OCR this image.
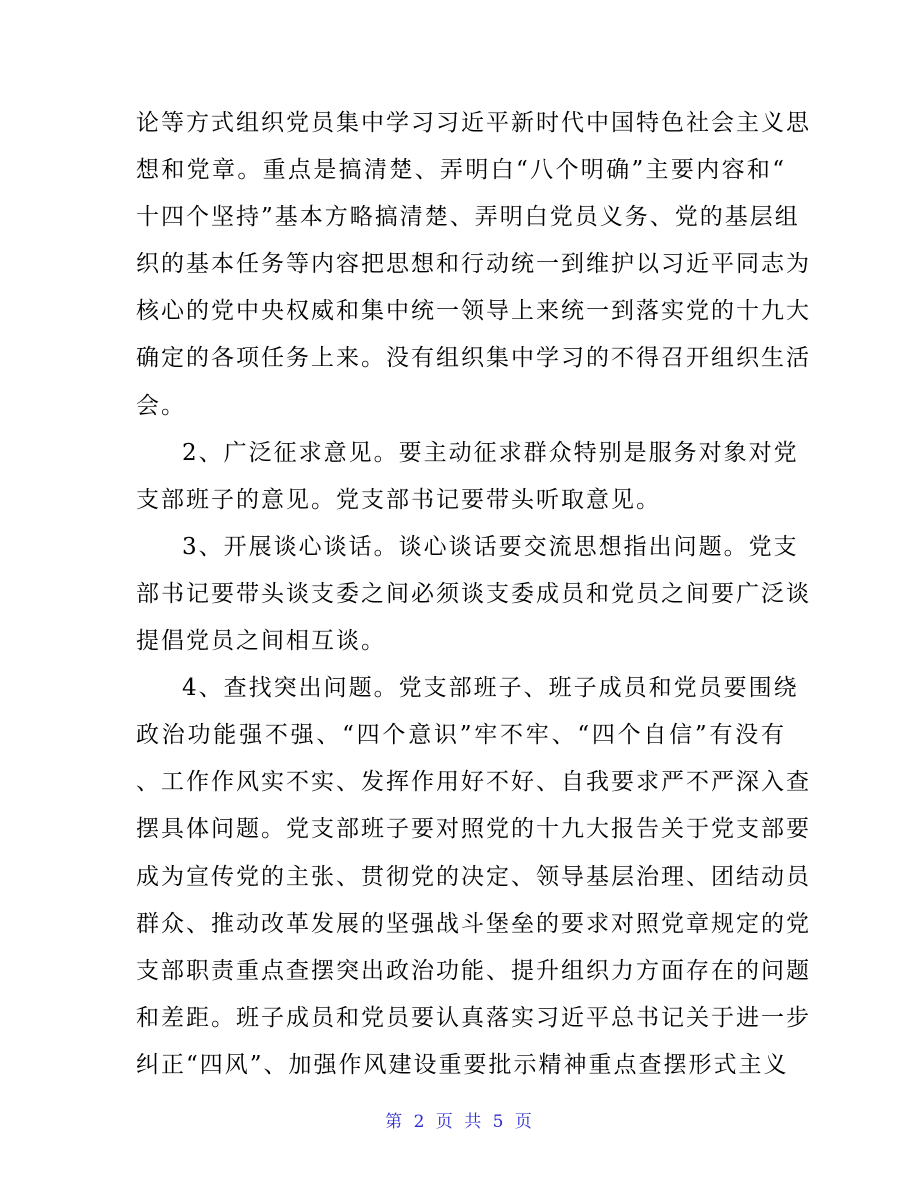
论等方式组织党员集中学习习近平新时代中国特色社会主义思
想和党章。重点是搞清楚、弄明白“八个明确”主要内容和“
十四个坚持”基本方略搞清楚、弄明白党员义务、党的基层组
织的基本任务等内容把思想和行动统一到维护以习近平同志为
核心的党中央权威和集中统一领导上来统一到落实党的十九大
确定的各项任务上来。没有组织集中学习的不得召开组织生活
会。
2、广泛征求意见。要主动征求群众特别是服务对象对党
支部班子的意见。党支部书记要带头听取意见。
3、开展谈心谈话。谈心谈话要交流思想指出问题。党支
部书记要带头谈支委之间必须谈支委成员和党员之间要广泛谈
提倡党员之间相互谈。
4、查找突出问题。党支部班子、班子成员和党员要围绕
政治功能强不强、“四个意识”牢不牢、“四个自信”有没有
、工作作风实不实、发挥作用好不好、自我要求严不严深入查
摆具体问题。党支部班子要对照党的十九大报告关于党支部要
成为宣传党的主张、贯彻党的决定、领导基层治理、团结动员
群众、推动改革发展的坚强战斗堡垒的要求对照党章规定的党
支部职责重点查摆突出政治功能、提升组织力方面存在的问题
和差距。班子成员和党员要认真落实习近平总书记关于进一步
纠正“四风”、加强作风建设重要批示精神重点查摆形式主义
第 2 页 共 5 页
